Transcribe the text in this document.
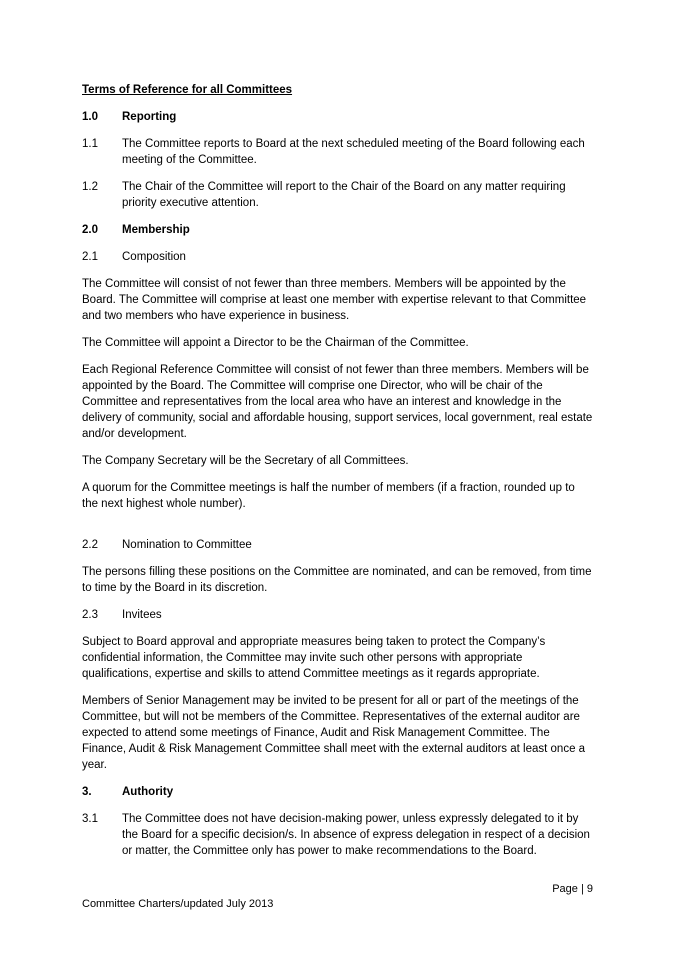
Terms of Reference for all Committees
1.0	Reporting
1.1	The Committee reports to Board at the next scheduled meeting of the Board following each meeting of the Committee.
1.2	The Chair of the Committee will report to the Chair of the Board on any matter requiring priority executive attention.
2.0	Membership
2.1	Composition

The Committee will consist of not fewer than three members. Members will be appointed by the Board. The Committee will comprise at least one member with expertise relevant to that Committee and two members who have experience in business.

The Committee will appoint a Director to be the Chairman of the Committee.

Each Regional Reference Committee will consist of not fewer than three members. Members will be appointed by the Board. The Committee will comprise one Director, who will be chair of the Committee and representatives from the local area who have an interest and knowledge in the delivery of community, social and affordable housing, support services, local government, real estate and/or development.

The Company Secretary will be the Secretary of all Committees.

A quorum for the Committee meetings is half the number of members (if a fraction, rounded up to the next highest whole number).

2.2	Nomination to Committee

The persons filling these positions on the Committee are nominated, and can be removed, from time to time by the Board in its discretion.

2.3	Invitees

Subject to Board approval and appropriate measures being taken to protect the Company’s confidential information, the Committee may invite such other persons with appropriate qualifications, expertise and skills to attend Committee meetings as it regards appropriate.

Members of Senior Management may be invited to be present for all or part of the meetings of the Committee, but will not be members of the Committee. Representatives of the external auditor are expected to attend some meetings of Finance, Audit and Risk Management Committee. The Finance, Audit & Risk Management Committee shall meet with the external auditors at least once a year.

3.	Authority
3.1	The Committee does not have decision-making power, unless expressly delegated to it by the Board for a specific decision/s. In absence of express delegation in respect of a decision or matter, the Committee only has power to make recommendations to the Board.
Page | 9
Committee Charters/updated July 2013
